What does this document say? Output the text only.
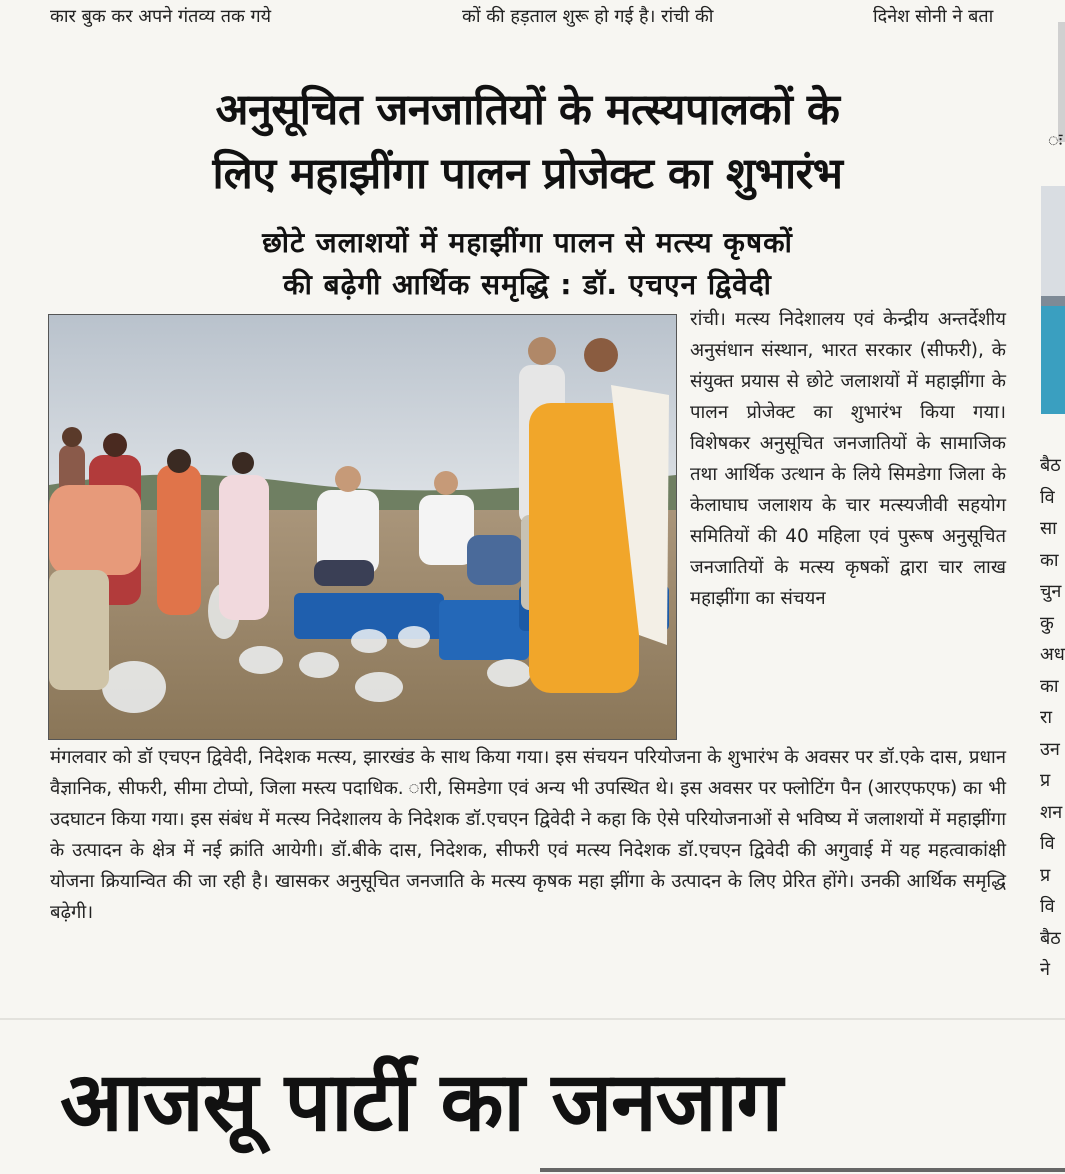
कार बुक कर अपने गंतव्य तक गये	कों की हड़ताल शुरू हो गई है। रांची की	दिनेश सोनी ने बता
ः
अनुसूचित जनजातियों के मत्स्यपालकों के
लिए महाझींगा पालन प्रोजेक्ट का शुभारंभ
छोटे जलाशयों में महाझींगा पालन से मत्स्य कृषकों
की बढ़ेगी आर्थिक समृद्धि : डॉ. एचएन द्विवेदी
रांची। मत्स्य निदेशालय एवं केन्द्रीय अन्तर्देशीय अनुसंधान संस्थान, भारत सरकार (सीफरी), के संयुक्त प्रयास से छोटे जलाशयों में महाझींगा के पालन प्रोजेक्ट का शुभारंभ किया गया। विशेषकर अनुसूचित जनजातियों के सामाजिक तथा आर्थिक उत्थान के लिये सिमडेगा जिला के केलाघाघ जलाशय के चार मत्स्यजीवी सहयोग समितियों की 40 महिला एवं पुरूष अनुसूचित जनजातियों के मत्स्य कृषकों द्वारा चार लाख महाझींगा का संचयन
मंगलवार को डॉ एचएन द्विवेदी, निदेशक मत्स्य, झारखंड के साथ किया गया। इस संचयन परियोजना के शुभारंभ के अवसर पर डॉ.एके दास, प्रधान वैज्ञानिक, सीफरी, सीमा टोप्पो, जिला मस्त्य पदाधिक. ारी, सिमडेगा एवं अन्य भी उपस्थित थे। इस अवसर पर फ्लोटिंग पैन (आरएफएफ) का भी उदघाटन किया गया। इस संबंध में मत्स्य निदेशालय के निदेशक डॉ.एचएन द्विवेदी ने कहा कि ऐसे परियोजनाओं से भविष्य में जलाशयों में महाझींगा के उत्पादन के क्षेत्र में नई क्रांति आयेगी। डॉ.बीके दास, निदेशक, सीफरी एवं मत्स्य निदेशक डॉ.एचएन द्विवेदी की अगुवाई में यह महत्वाकांक्षी योजना क्रियान्वित की जा रही है। खासकर अनुसूचित जनजाति के मत्स्य कृषक महा झींगा के उत्पादन के लिए प्रेरित होंगे। उनकी आर्थिक समृद्धि बढ़ेगी।
बैठ
वि
सा
का
चुन
कु
अध
का
रा
उन
प्र
शन
वि
प्र
वि
बैठ
ने
आजसू पार्टी का जनजाग
